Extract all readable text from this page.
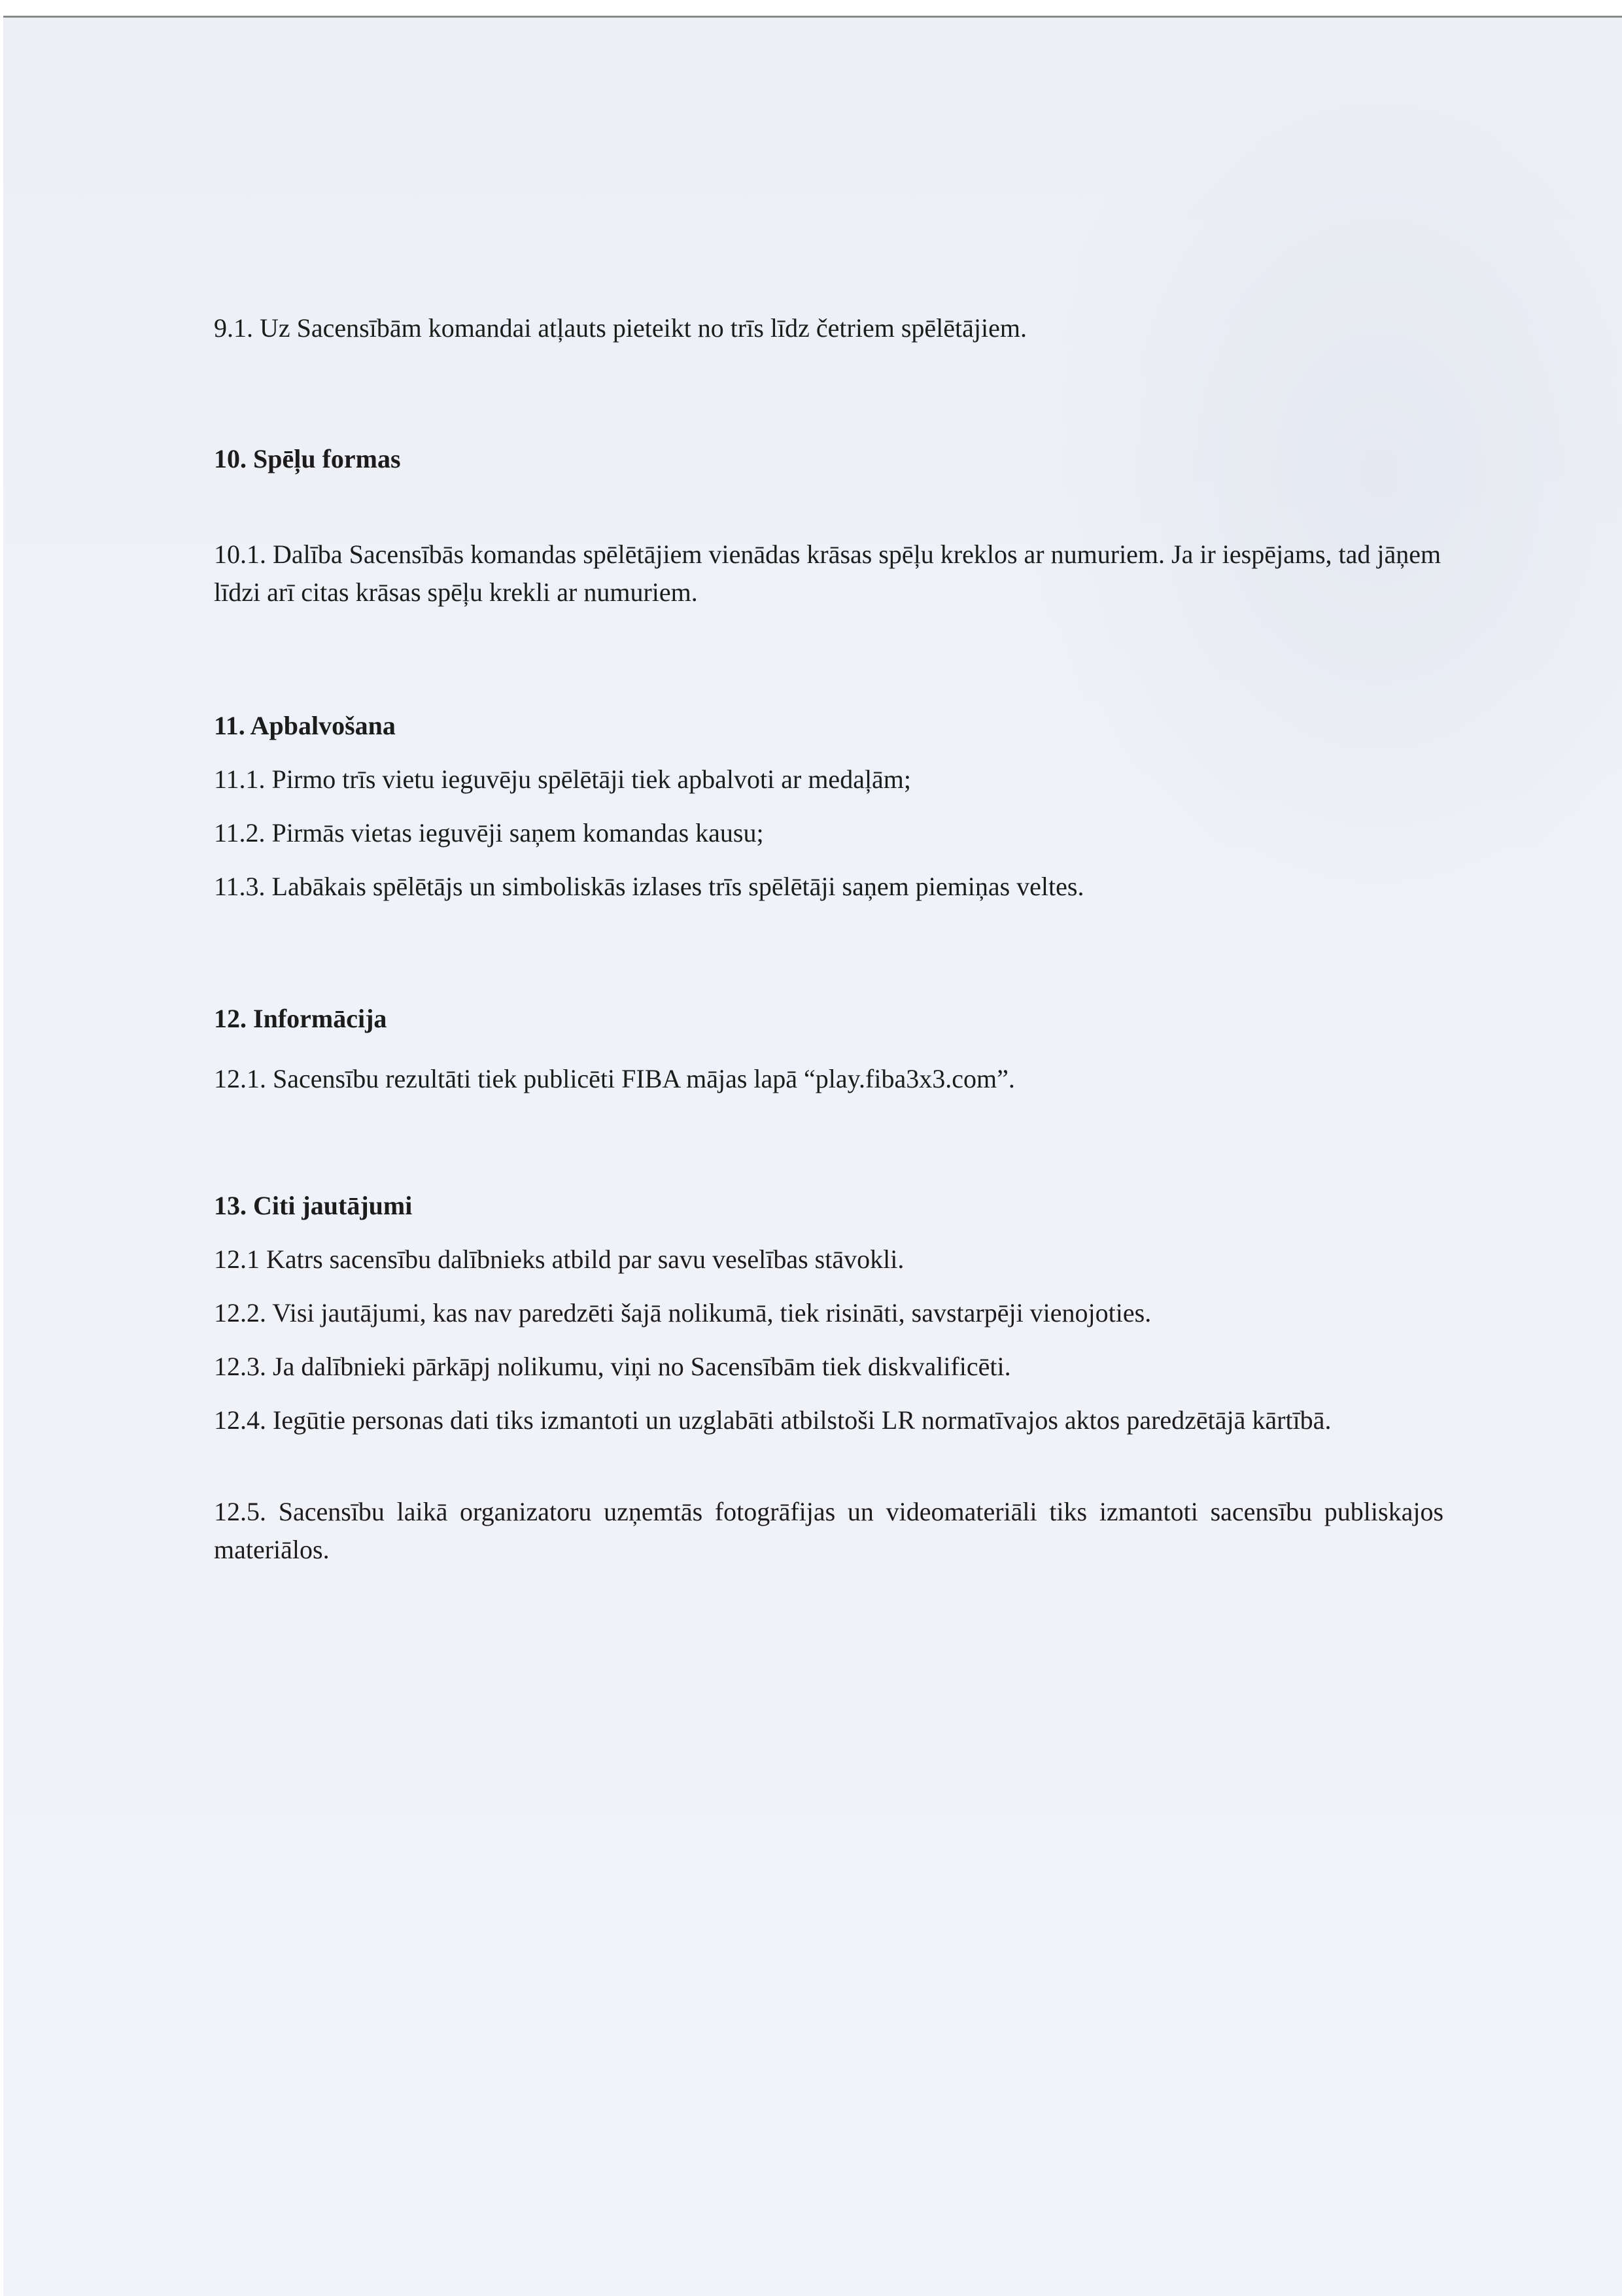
9.1. Uz Sacensībām komandai atļauts pieteikt no trīs līdz četriem spēlētājiem.
10. Spēļu formas
10.1. Dalība Sacensībās komandas spēlētājiem vienādas krāsas spēļu kreklos ar numuriem. Ja ir iespējams, tad jāņem līdzi arī citas krāsas spēļu krekli ar numuriem.
11. Apbalvošana
11.1. Pirmo trīs vietu ieguvēju spēlētāji tiek apbalvoti ar medaļām;
11.2. Pirmās vietas ieguvēji saņem komandas kausu;
11.3. Labākais spēlētājs un simboliskās izlases trīs spēlētāji saņem piemiņas veltes.
12. Informācija
12.1. Sacensību rezultāti tiek publicēti FIBA mājas lapā “play.fiba3x3.com”.
13. Citi jautājumi
12.1 Katrs sacensību dalībnieks atbild par savu veselības stāvokli.
12.2. Visi jautājumi, kas nav paredzēti šajā nolikumā, tiek risināti, savstarpēji vienojoties.
12.3. Ja dalībnieki pārkāpj nolikumu, viņi no Sacensībām tiek diskvalificēti.
12.4. Iegūtie personas dati tiks izmantoti un uzglabāti atbilstoši LR normatīvajos aktos paredzētājā kārtībā.
12.5. Sacensību laikā organizatoru uzņemtās fotogrāfijas un videomateriāli tiks izmantoti sacensību publiskajos materiālos.
